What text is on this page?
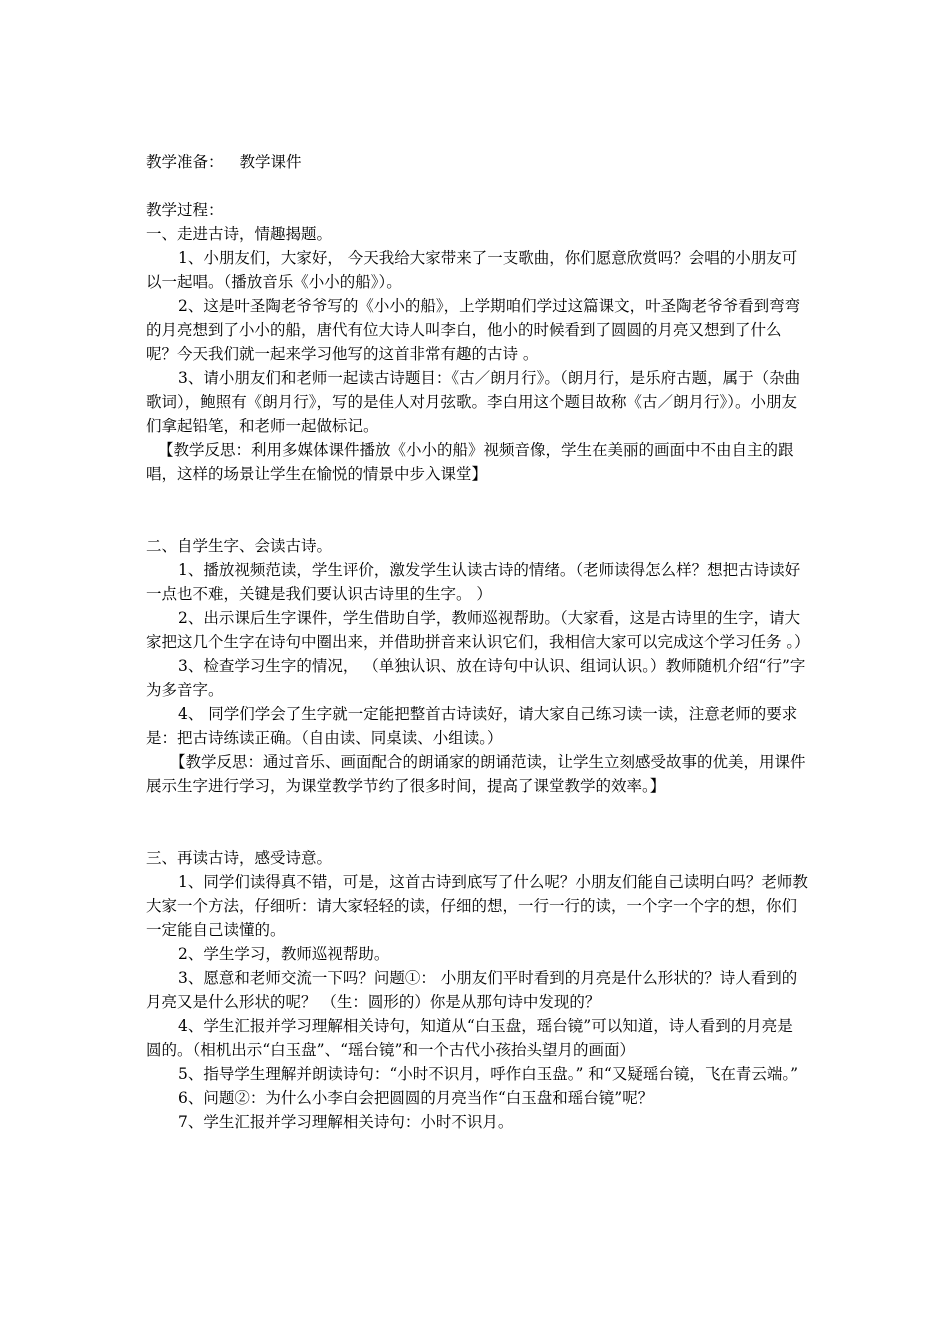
教学准备： 教学课件

教学过程：

一、走进古诗，情趣揭题。

1、小朋友们，大家好， 今天我给大家带来了一支歌曲，你们愿意欣赏吗？会唱的小朋友可以一起唱。（播放音乐《小小的船》）。

2、这是叶圣陶老爷爷写的《小小的船》，上学期咱们学过这篇课文，叶圣陶老爷爷看到弯弯的月亮想到了小小的船，唐代有位大诗人叫李白，他小的时候看到了圆圆的月亮又想到了什么呢？今天我们就一起来学习他写的这首非常有趣的古诗 。

3、请小朋友们和老师一起读古诗题目：《古／朗月行》。（朗月行，是乐府古题，属于（杂曲歌词），鲍照有《朗月行》，写的是佳人对月弦歌。李白用这个题目故称《古／朗月行》）。小朋友们拿起铅笔，和老师一起做标记。

【教学反思：利用多媒体课件播放《小小的船》视频音像，学生在美丽的画面中不由自主的跟唱，这样的场景让学生在愉悦的情景中步入课堂】

二、自学生字、会读古诗。

1、播放视频范读，学生评价，激发学生认读古诗的情绪。（老师读得怎么样？想把古诗读好一点也不难，关键是我们要认识古诗里的生字。 ）

2、出示课后生字课件，学生借助自学，教师巡视帮助。（大家看，这是古诗里的生字，请大家把这几个生字在诗句中圈出来，并借助拼音来认识它们，我相信大家可以完成这个学习任务 。）

3、检查学习生字的情况， （单独认识、放在诗句中认识、组词认识。）教师随机介绍“行”字为多音字。

4、 同学们学会了生字就一定能把整首古诗读好，请大家自己练习读一读，注意老师的要求是：把古诗练读正确。（自由读、同桌读、小组读。）

【教学反思：通过音乐、画面配合的朗诵家的朗诵范读，让学生立刻感受故事的优美，用课件展示生字进行学习，为课堂教学节约了很多时间，提高了课堂教学的效率。】

三、再读古诗，感受诗意。

1、同学们读得真不错，可是，这首古诗到底写了什么呢？小朋友们能自己读明白吗？老师教大家一个方法，仔细听：请大家轻轻的读，仔细的想，一行一行的读，一个字一个字的想，你们一定能自己读懂的。

2、学生学习，教师巡视帮助。

3、愿意和老师交流一下吗？问题①： 小朋友们平时看到的月亮是什么形状的？诗人看到的月亮又是什么形状的呢？ （生：圆形的）你是从那句诗中发现的？

4、学生汇报并学习理解相关诗句，知道从“白玉盘，瑶台镜”可以知道，诗人看到的月亮是圆的。（相机出示“白玉盘”、“瑶台镜”和一个古代小孩抬头望月的画面）

5、指导学生理解并朗读诗句：“小时不识月，呼作白玉盘。” 和“又疑瑶台镜，飞在青云端。”

6、问题②：为什么小李白会把圆圆的月亮当作“白玉盘和瑶台镜”呢？

7、学生汇报并学习理解相关诗句：小时不识月。
